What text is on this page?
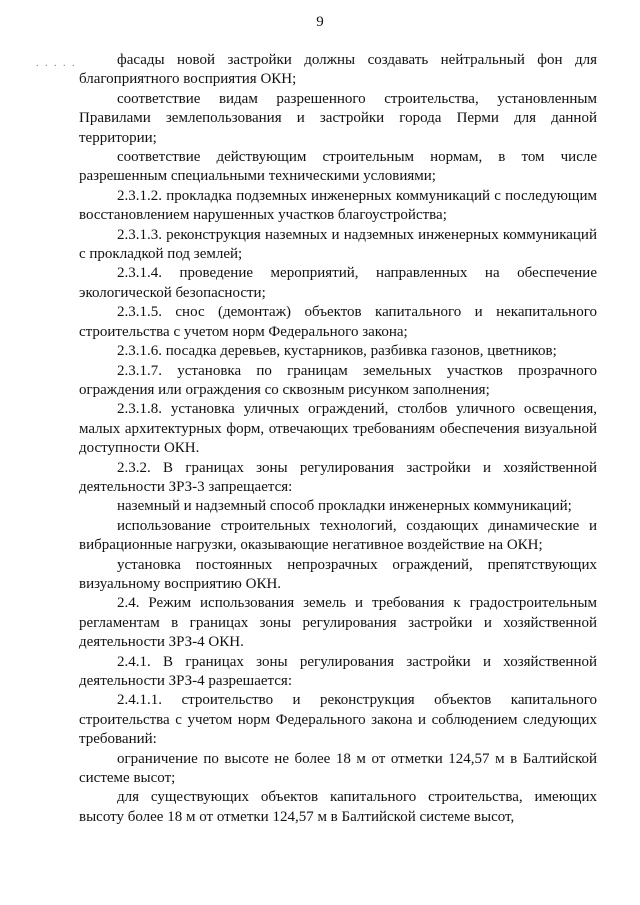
9
. . . . .	фасады новой застройки должны создавать нейтральный фон для благоприятного восприятия ОКН;

соответствие видам разрешенного строительства, установленным Правилами землепользования и застройки города Перми для данной территории;

соответствие действующим строительным нормам, в том числе разрешенным специальными техническими условиями;

2.3.1.2. прокладка подземных инженерных коммуникаций с последующим восстановлением нарушенных участков благоустройства;

2.3.1.3. реконструкция наземных и надземных инженерных коммуникаций с прокладкой под землей;

2.3.1.4. проведение мероприятий, направленных на обеспечение экологической безопасности;

2.3.1.5. снос (демонтаж) объектов капитального и некапитального строительства с учетом норм Федерального закона;

2.3.1.6. посадка деревьев, кустарников, разбивка газонов, цветников;

2.3.1.7. установка по границам земельных участков прозрачного ограждения или ограждения со сквозным рисунком заполнения;

2.3.1.8. установка уличных ограждений, столбов уличного освещения, малых архитектурных форм, отвечающих требованиям обеспечения визуальной доступности ОКН.

2.3.2. В границах зоны регулирования застройки и хозяйственной деятельности ЗРЗ-3 запрещается:

наземный и надземный способ прокладки инженерных коммуникаций;

использование строительных технологий, создающих динамические и вибрационные нагрузки, оказывающие негативное воздействие на ОКН;

установка постоянных непрозрачных ограждений, препятствующих визуальному восприятию ОКН.

2.4. Режим использования земель и требования к градостроительным регламентам в границах зоны регулирования застройки и хозяйственной деятельности ЗРЗ-4 ОКН.

2.4.1. В границах зоны регулирования застройки и хозяйственной деятельности ЗРЗ-4 разрешается:

2.4.1.1. строительство и реконструкция объектов капитального строительства с учетом норм Федерального закона и соблюдением следующих требований:

ограничение по высоте не более 18 м от отметки 124,57 м в Балтийской системе высот;

для существующих объектов капитального строительства, имеющих высоту более 18 м от отметки 124,57 м в Балтийской системе высот,
